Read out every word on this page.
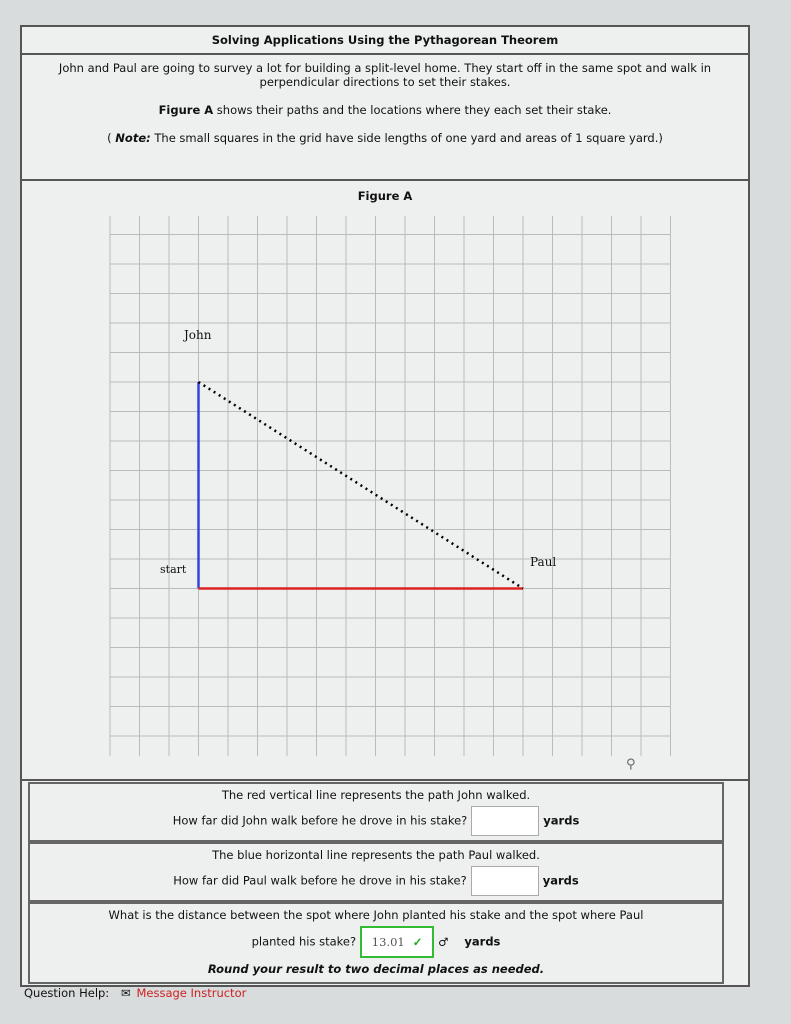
Solving Applications Using the Pythagorean Theorem

John and Paul are going to survey a lot for building a split-level home. They start off in the same spot and walk in perpendicular directions to set their stakes.

Figure A shows their paths and the locations where they each set their stake.

( Note: The small squares in the grid have side lengths of one yard and areas of 1 square yard.)

Figure A
John
Paul
start
⚲

The red vertical line represents the path John walked.

How far did John walk before he drove in his stake?	yards

The blue horizontal line represents the path Paul walked.

How far did Paul walk before he drove in his stake?	yards

What is the distance between the spot where John planted his stake and the spot where Paul

planted his stake? 13.01 ✓ ♂ yards

Round your result to two decimal places as needed.

Question Help: ✉ Message Instructor
